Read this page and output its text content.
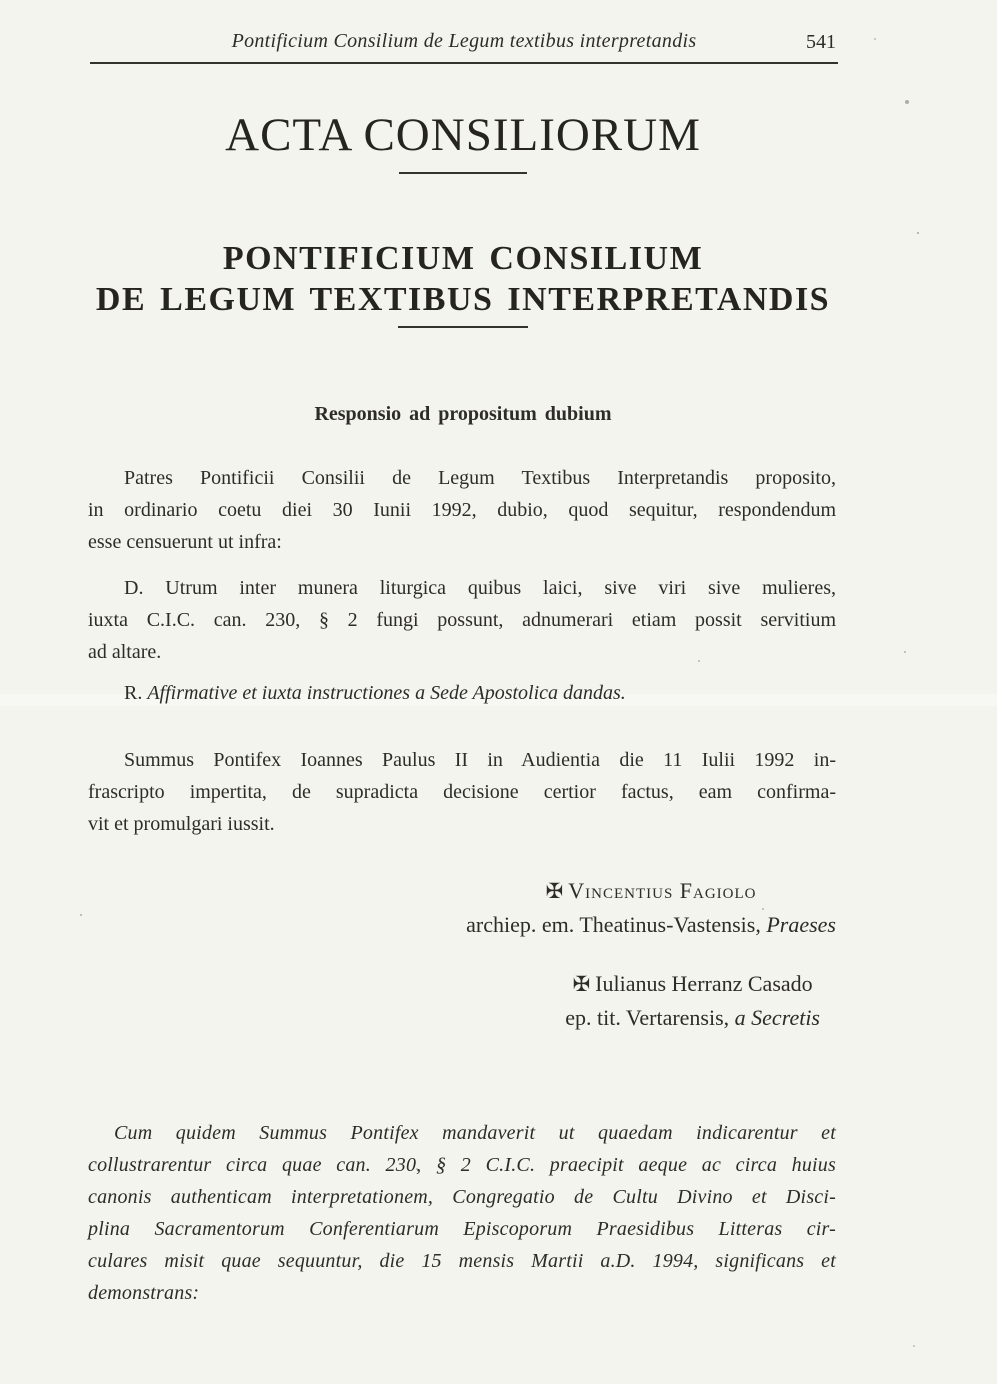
Pontificium Consilium de Legum textibus interpretandis	541
ACTA CONSILIORUM
PONTIFICIUM CONSILIUM
DE LEGUM TEXTIBUS INTERPRETANDIS
Responsio ad propositum dubium

Patres Pontificii Consilii de Legum Textibus Interpretandis proposito,
in ordinario coetu diei 30 Iunii 1992, dubio, quod sequitur, respondendum
esse censuerunt ut infra:

D. Utrum inter munera liturgica quibus laici, sive viri sive mulieres,
iuxta C.I.C. can. 230, § 2 fungi possunt, adnumerari etiam possit servitium
ad altare.

R. Affirmative et iuxta instructiones a Sede Apostolica dandas.

Summus Pontifex Ioannes Paulus II in Audientia die 11 Iulii 1992 in-
frascripto impertita, de supradicta decisione certior factus, eam confirma-
vit et promulgari iussit.

✠ Vincentius Fagiolo
archiep. em. Theatinus-Vastensis, Praeses
✠ Iulianus Herranz Casado
ep. tit. Vertarensis, a Secretis

Cum quidem Summus Pontifex mandaverit ut quaedam indicarentur et
collustrarentur circa quae can. 230, § 2 C.I.C. praecipit aeque ac circa huius
canonis authenticam interpretationem, Congregatio de Cultu Divino et Disci-
plina Sacramentorum Conferentiarum Episcoporum Praesidibus Litteras cir-
culares misit quae sequuntur, die 15 mensis Martii a.D. 1994, significans et
demonstrans:
